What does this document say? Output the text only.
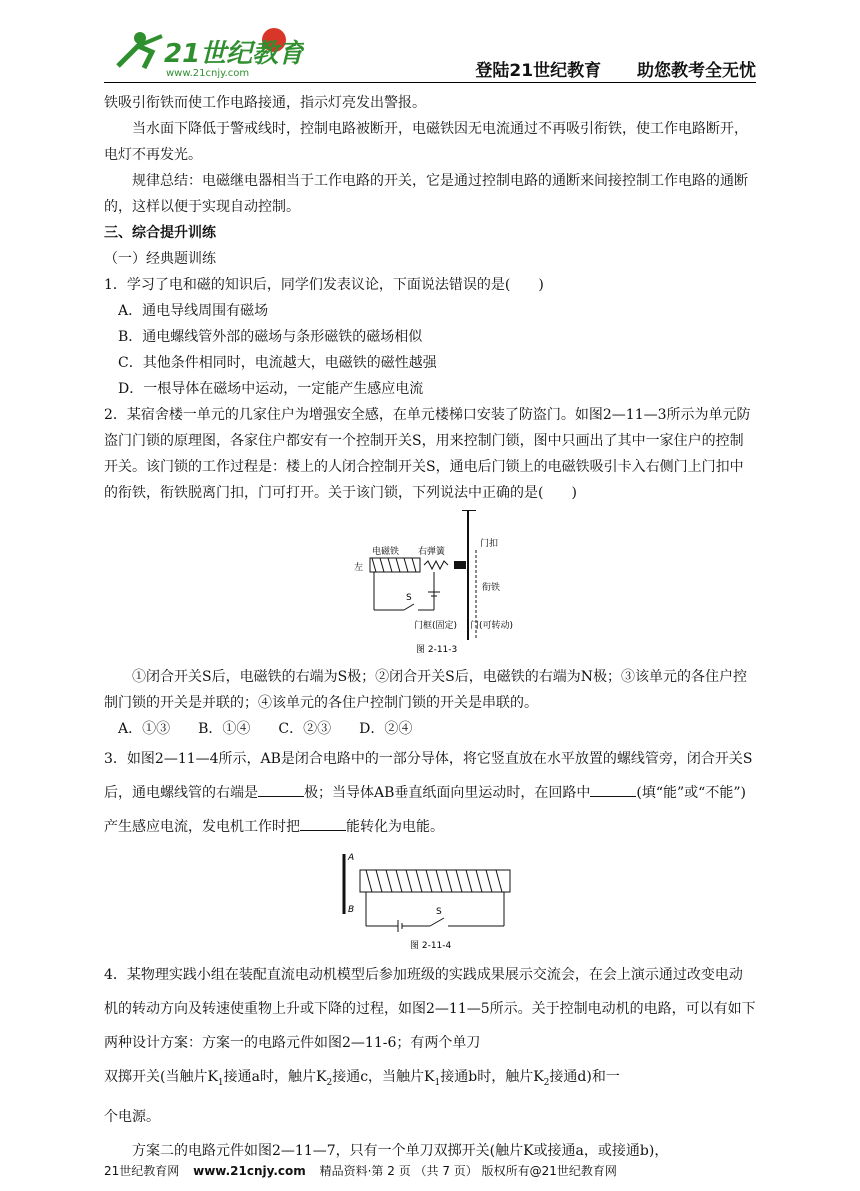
21世纪教育
www.21cnjy.com	登陆21世纪教育 助您教考全无忧

铁吸引衔铁而使工作电路接通，指示灯亮发出警报。

当水面下降低于警戒线时，控制电路被断开，电磁铁因无电流通过不再吸引衔铁，使工作电路断开，电灯不再发光。

规律总结：电磁继电器相当于工作电路的开关，它是通过控制电路的通断来间接控制工作电路的通断的，这样以便于实现自动控制。

三、综合提升训练

（一）经典题训练

1．学习了电和磁的知识后，同学们发表议论，下面说法错误的是(　　)

A．通电导线周围有磁场

B．通电螺线管外部的磁场与条形磁铁的磁场相似

C．其他条件相同时，电流越大，电磁铁的磁性越强

D．一根导体在磁场中运动，一定能产生感应电流

2．某宿舍楼一单元的几家住户为增强安全感，在单元楼梯口安装了防盗门。如图2—11—3所示为单元防盗门门锁的原理图，各家住户都安有一个控制开关S，用来控制门锁，图中只画出了其中一家住户的控制开关。该门锁的工作过程是：楼上的人闭合控制开关S，通电后门锁上的电磁铁吸引卡入右侧门上门扣中的衔铁，衔铁脱离门扣，门可打开。关于该门锁，下列说法中正确的是(　　)

电磁铁 右弹簧
门扣
左
衔铁
S
门框(固定) 门(可转动)
图 2-11-3

①闭合开关S后，电磁铁的右端为S极；②闭合开关S后，电磁铁的右端为N极；③该单元的各住户控制门锁的开关是并联的；④该单元的各住户控制门锁的开关是串联的。

A．①③　　B．①④　　C．②③　　D．②④

3．如图2—11—4所示，AB是闭合电路中的一部分导体，将它竖直放在水平放置的螺线管旁，闭合开关S后，通电螺线管的右端是	极；当导体AB垂直纸面向里运动时，在回路中	(填“能”或“不能”)产生感应电流，发电机工作时把	能转化为电能。

A
B	S
图 2-11-4

4．某物理实践小组在装配直流电动机模型后参加班级的实践成果展示交流会，在会上演示通过改变电动机的转动方向及转速使重物上升或下降的过程，如图2—11—5所示。关于控制电动机的电路，可以有如下两种设计方案：方案一的电路元件如图2—11-6；有两个单刀

双掷开关(当触片$K_1$接通a时，触片$K_2$接通c，当触片$K_1$接通b时，触片$K_2$接通d)和一

个电源。

方案二的电路元件如图2—11—7，只有一个单刀双掷开关(触片K或接通a，或接通b)，

21世纪教育网 www.21cnjy.com 精品资料·第 2 页 （共 7 页） 版权所有@21世纪教育网
